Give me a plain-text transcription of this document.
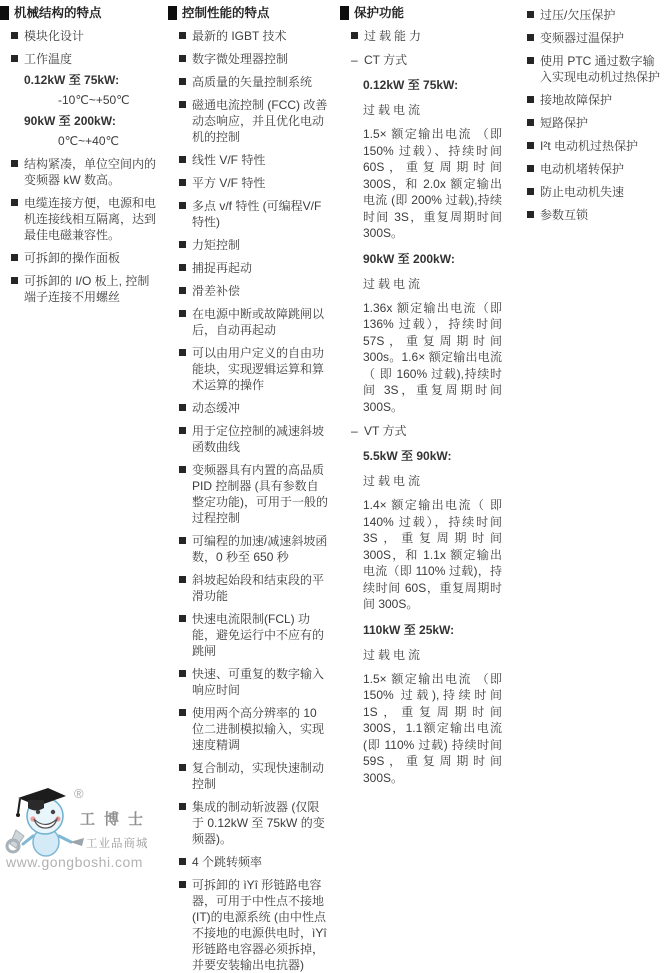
机械结构的特点
模块化设计
工作温度
0.12kW 至 75kW:
-10℃~+50℃
90kW 至 200kW:
0℃~+40℃
结构紧凑，单位空间内的变频器 kW 数高。
电缆连接方便，电源和电机连接线相互隔离，达到最佳电磁兼容性。
可拆卸的操作面板
可拆卸的 I/O 板上, 控制端子连接不用螺丝
控制性能的特点
最新的 IGBT 技术
数字微处理器控制
高质量的矢量控制系统
磁通电流控制 (FCC) 改善动态响应，并且优化电动机的控制
线性 V/F 特性
平方 V/F 特性
多点 v/f 特性 (可编程V/F 特性)
力矩控制
捕捉再起动
滑差补偿
在电源中断或故障跳闸以后，自动再起动
可以由用户定义的自由功能块，实现逻辑运算和算术运算的操作
动态缓冲
用于定位控制的减速斜坡函数曲线
变频器具有内置的高品质 PID 控制器 (具有参数自整定功能)，可用于一般的过程控制
可编程的加速/减速斜坡函数，0 秒至 650 秒
斜坡起始段和结束段的平滑功能
快速电流限制(FCL) 功能，避免运行中不应有的跳闸
快速、可重复的数字输入响应时间
使用两个高分辨率的 10 位二进制模拟输入，实现速度精调
复合制动，实现快速制动控制
集成的制动斩波器 (仅限于 0.12kW 至 75kW 的变频器)。
4 个跳转频率
可拆卸的 ìYî 形链路电容器，可用于中性点不接地(IT)的电源系统 (由中性点不接地的电源供电时，ìYî 形链路电容器必须拆掉，并要安装输出电抗器)
保护功能
过载能力
– CT 方式
0.12kW 至 75kW:
过载电流
1.5× 额定输出电流 （即 150% 过载）、持续时间 60S，重复周期时间 300S，和 2.0x 额定输出电流 (即 200% 过载),持续时间 3S，重复周期时间 300S。
90kW 至 200kW:
过载电流
1.36x 额定输出电流（即 136% 过载），持续时间 57S，重复周期时间 300s。1.6× 额定输出电流（ 即 160% 过载),持续时间 3S，重复周期时间 300S。
– VT 方式
5.5kW 至 90kW:
过载电流
1.4× 额定输出电流（ 即 140% 过载），持续时间 3S，重复周期时间 300S，和 1.1x 额定输出电流（即 110% 过载)，持续时间 60S，重复周期时间 300S。
110kW 至 25kW:
过载电流
1.5× 额定输出电流 （即 150% 过载),持续时间 1S，重复周期时间 300S，1.1额定输出电流 (即 110% 过载) 持续时间 59S，重复周期时间 300S。
过压/欠压保护
变频器过温保护
使用 PTC 通过数字输入实现电动机过热保护
接地故障保护
短路保护
I²t 电动机过热保护
电动机堵转保护
防止电动机失速
参数互锁
®
工博士
工业品商城
www.gongboshi.com
